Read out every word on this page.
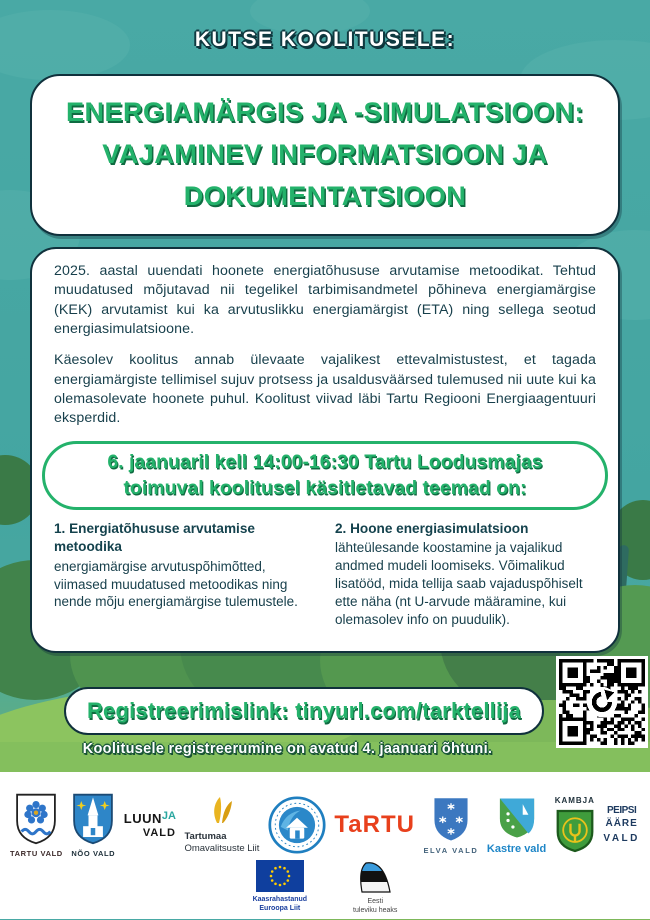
KUTSE KOOLITUSELE:
ENERGIAMÄRGIS JA -SIMULATSIOON:
VAJAMINEV INFORMATSIOON JA
DOKUMENTATSIOON

2025. aastal uuendati hoonete energiatõhususe arvutamise metoodikat. Tehtud muudatused mõjutavad nii tegelikel tarbimisandmetel põhineva energiamärgise (KEK) arvutamist kui ka arvutuslikku energiamärgist (ETA) ning sellega seotud energiasimulatsioone.

Käesolev koolitus annab ülevaate vajalikest ettevalmistustest, et tagada energiamärgiste tellimisel sujuv protsess ja usaldusväärsed tulemused nii uute kui ka olemasolevate hoonete puhul. Koolitust viivad läbi Tartu Regiooni Energiaagentuuri eksperdid.

6. jaanuaril kell 14:00-16:30 Tartu Loodusmajas
toimuval koolitusel käsitletavad teemad on:
1. Energiatõhususe arvutamise metoodika
energiamärgise arvutuspõhimõtted, viimased muudatused metoodikas ning nende mõju energiamärgise tulemustele.
2. Hoone energiasimulatsioon
lähteülesande koostamine ja vajalikud andmed mudeli loomiseks. Võimalikud lisatööd, mida tellija saab vajaduspõhiselt ette näha (nt U-arvude määramine, kui olemasolev info on puudulik).
Registreerimislink: tinyurl.com/tarktellija
Koolitusele registreerumine on avatud 4. jaanuari õhtuni.
TARTU VALD NÕO VALD
$LUUN^{JA}$
VALD Tartumaa
Omavalitsuste Liit
TaRTU
ELVA VALD Kastre vald
KAMBJA
PEIPSI
ÄÄRE
VALD
Kaasrahastanud
Euroopa Liit
Eesti
tuleviku heaks
